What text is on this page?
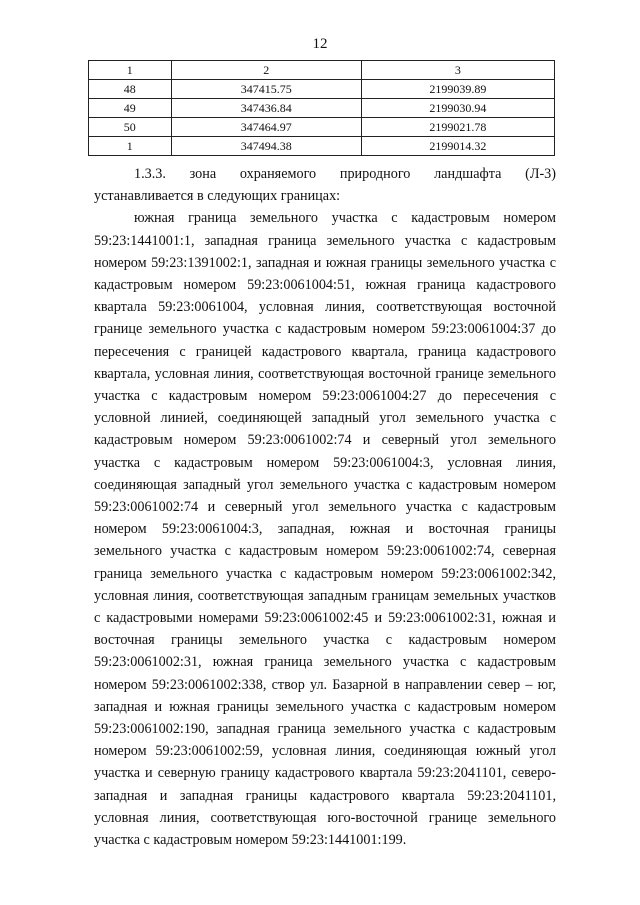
12
1	2	3
48	347415.75	2199039.89
49	347436.84	2199030.94
50	347464.97	2199021.78
1	347494.38	2199014.32

1.3.3. зона охраняемого природного ландшафта (Л-3) устанавливается в следующих границах:

южная граница земельного участка с кадастровым номером 59:23:1441001:1, западная граница земельного участка с кадастровым номером 59:23:1391002:1, западная и южная границы земельного участка с кадастровым номером 59:23:0061004:51, южная граница кадастрового квартала 59:23:0061004, условная линия, соответствующая восточной границе земельного участка с кадастровым номером 59:23:0061004:37 до пересечения с границей кадастрового квартала, граница кадастрового квартала, условная линия, соответствующая восточной границе земельного участка с кадастровым номером 59:23:0061004:27 до пересечения с условной линией, соединяющей западный угол земельного участка с кадастровым номером 59:23:0061002:74 и северный угол земельного участка с кадастровым номером 59:23:0061004:3, условная линия, соединяющая западный угол земельного участка с кадастровым номером 59:23:0061002:74 и северный угол земельного участка с кадастровым номером 59:23:0061004:3, западная, южная и восточная границы земельного участка с кадастровым номером 59:23:0061002:74, северная граница земельного участка с кадастровым номером 59:23:0061002:342, условная линия, соответствующая западным границам земельных участков с кадастровыми номерами 59:23:0061002:45 и 59:23:0061002:31, южная и восточная границы земельного участка с кадастровым номером 59:23:0061002:31, южная граница земельного участка с кадастровым номером 59:23:0061002:338, створ ул. Базарной в направлении север – юг, западная и южная границы земельного участка с кадастровым номером 59:23:0061002:190, западная граница земельного участка с кадастровым номером 59:23:0061002:59, условная линия, соединяющая южный угол участка и северную границу кадастрового квартала 59:23:2041101, северо-западная и западная границы кадастрового квартала 59:23:2041101, условная линия, соответствующая юго-восточной границе земельного участка с кадастровым номером 59:23:1441001:199.
